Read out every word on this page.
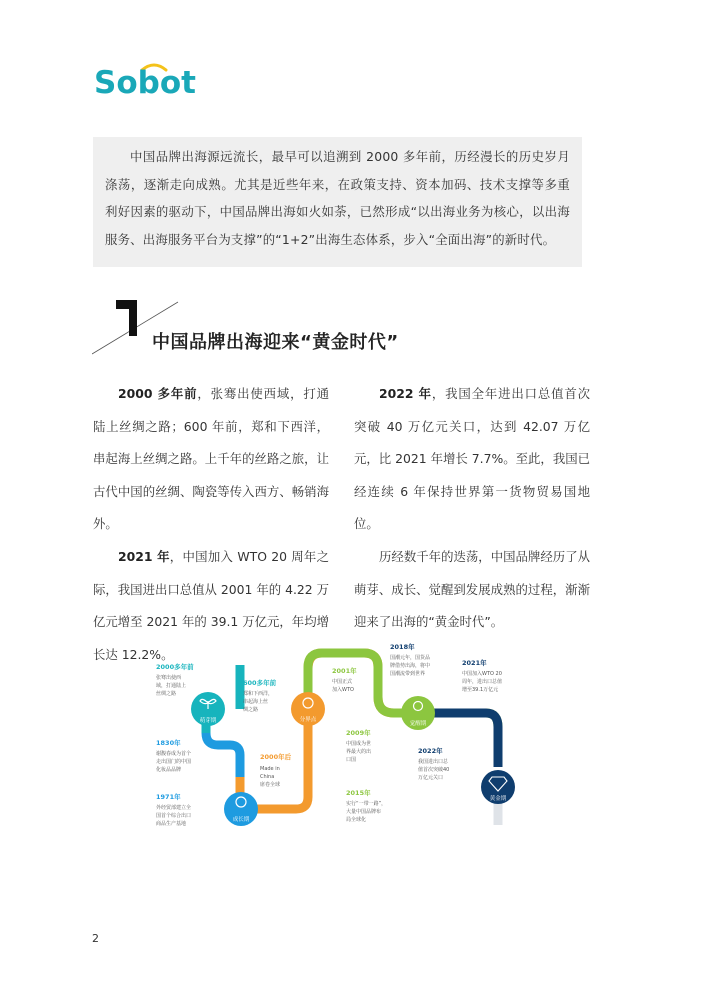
Sobot

中国品牌出海源远流长，最早可以追溯到 2000 多年前，历经漫长的历史岁月涤荡，逐渐走向成熟。尤其是近些年来，在政策支持、资本加码、技术支撑等多重利好因素的驱动下，中国品牌出海如火如荼，已然形成“以出海业务为核心，以出海服务、出海服务平台为支撑”的“1+2”出海生态体系，步入“全面出海”的新时代。

中国品牌出海迎来“黄金时代”

2000 多年前，张骞出使西域，打通陆上丝绸之路；600 年前，郑和下西洋，串起海上丝绸之路。上千年的丝路之旅，让古代中国的丝绸、陶瓷等传入西方、畅销海外。

2021 年，中国加入 WTO 20 周年之际，我国进出口总值从 2001 年的 4.22 万亿元增至 2021 年的 39.1 万亿元，年均增长达 12.2%。

2022 年，我国全年进出口总值首次突破 40 万亿元关口，达到 42.07 万亿元，比 2021 年增长 7.7%。至此，我国已经连续 6 年保持世界第一货物贸易国地位。

历经数千年的迭荡，中国品牌经历了从萌芽、成长、觉醒到发展成熟的过程，渐渐迎来了出海的“黄金时代”。

萌芽期
成长期
分界点
觉醒期
黄金期
2000多年前
张骞出使西
域，打通陆上
丝绸之路
600多年前
郑和下西洋，
串起海上丝
绸之路
1830年
谢馥春成为首个
走出国门的中国
化妆品品牌
1971年
外经贸部建立全
国首个综合出口
商品生产基地
2000年后
Made in
China
席卷全球
2001年
中国正式
加入WTO
2009年
中国成为世
界最大的出
口国
2015年
实行“一带一路”，
大量中国品牌布
局全球化
2018年
国潮元年，国货品
牌借势出海，将中
国潮流带到世界
2021年
中国加入WTO 20
周年，进出口总值
增至39.1万亿元
2022年
我国进出口总
值首次突破40
万亿元关口
2
